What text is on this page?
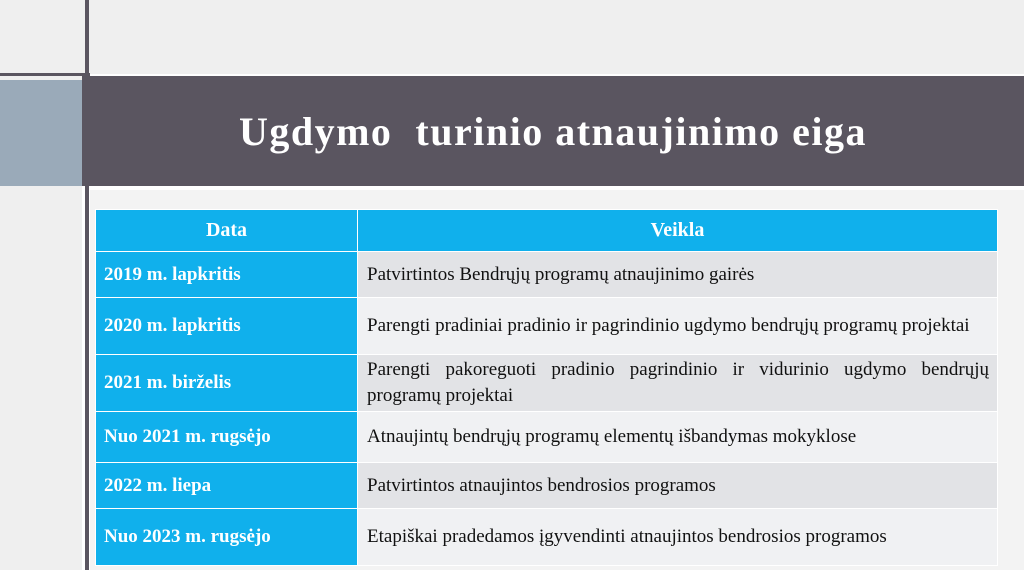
Ugdymo  turinio atnaujinimo eiga
Data	Veikla
2019 m. lapkritis	Patvirtintos Bendrųjų programų atnaujinimo gairės
2020 m. lapkritis	Parengti pradiniai pradinio ir pagrindinio ugdymo bendrųjų programų projektai
2021 m. birželis	Parengti pakoreguoti pradinio pagrindinio ir vidurinio ugdymo bendrųjų programų projektai
Nuo 2021 m. rugsėjo	Atnaujintų bendrųjų programų elementų išbandymas mokyklose
2022 m. liepa	Patvirtintos atnaujintos bendrosios programos
Nuo 2023 m. rugsėjo	Etapiškai pradedamos įgyvendinti atnaujintos bendrosios programos
